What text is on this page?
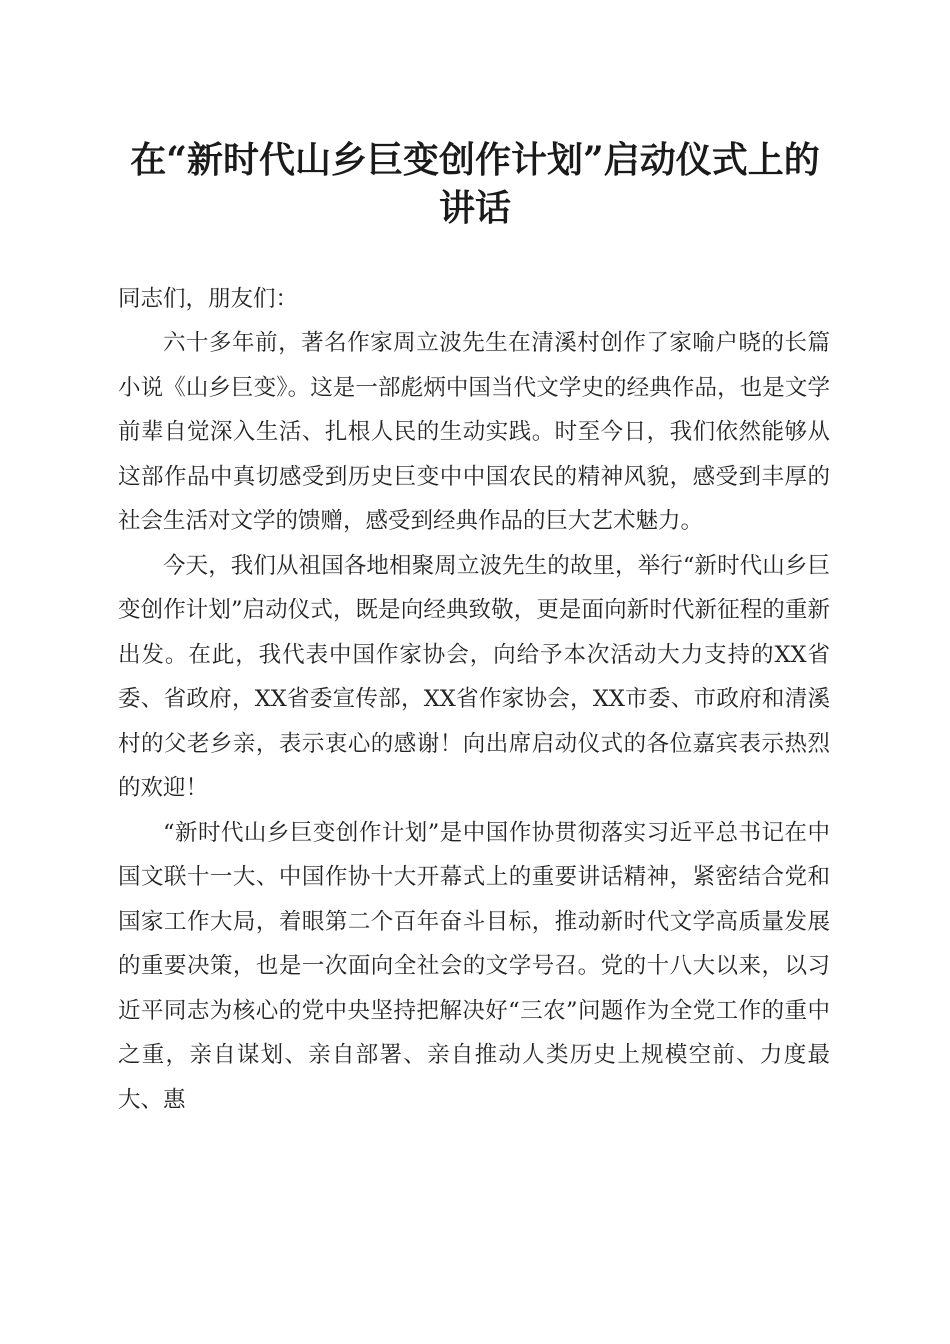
在“新时代山乡巨变创作计划”启动仪式上的
讲话

同志们，朋友们：

六十多年前，著名作家周立波先生在清溪村创作了家喻户晓的长篇小说《山乡巨变》。这是一部彪炳中国当代文学史的经典作品，也是文学前辈自觉深入生活、扎根人民的生动实践。时至今日，我们依然能够从这部作品中真切感受到历史巨变中中国农民的精神风貌，感受到丰厚的社会生活对文学的馈赠，感受到经典作品的巨大艺术魅力。

今天，我们从祖国各地相聚周立波先生的故里，举行“新时代山乡巨变创作计划”启动仪式，既是向经典致敬，更是面向新时代新征程的重新出发。在此，我代表中国作家协会，向给予本次活动大力支持的XX省委、省政府，XX省委宣传部，XX省作家协会，XX市委、市政府和清溪村的父老乡亲，表示衷心的感谢！向出席启动仪式的各位嘉宾表示热烈的欢迎！

“新时代山乡巨变创作计划”是中国作协贯彻落实习近平总书记在中国文联十一大、中国作协十大开幕式上的重要讲话精神，紧密结合党和国家工作大局，着眼第二个百年奋斗目标，推动新时代文学高质量发展的重要决策，也是一次面向全社会的文学号召。党的十八大以来，以习近平同志为核心的党中央坚持把解决好“三农”问题作为全党工作的重中之重，亲自谋划、亲自部署、亲自推动人类历史上规模空前、力度最大、惠
